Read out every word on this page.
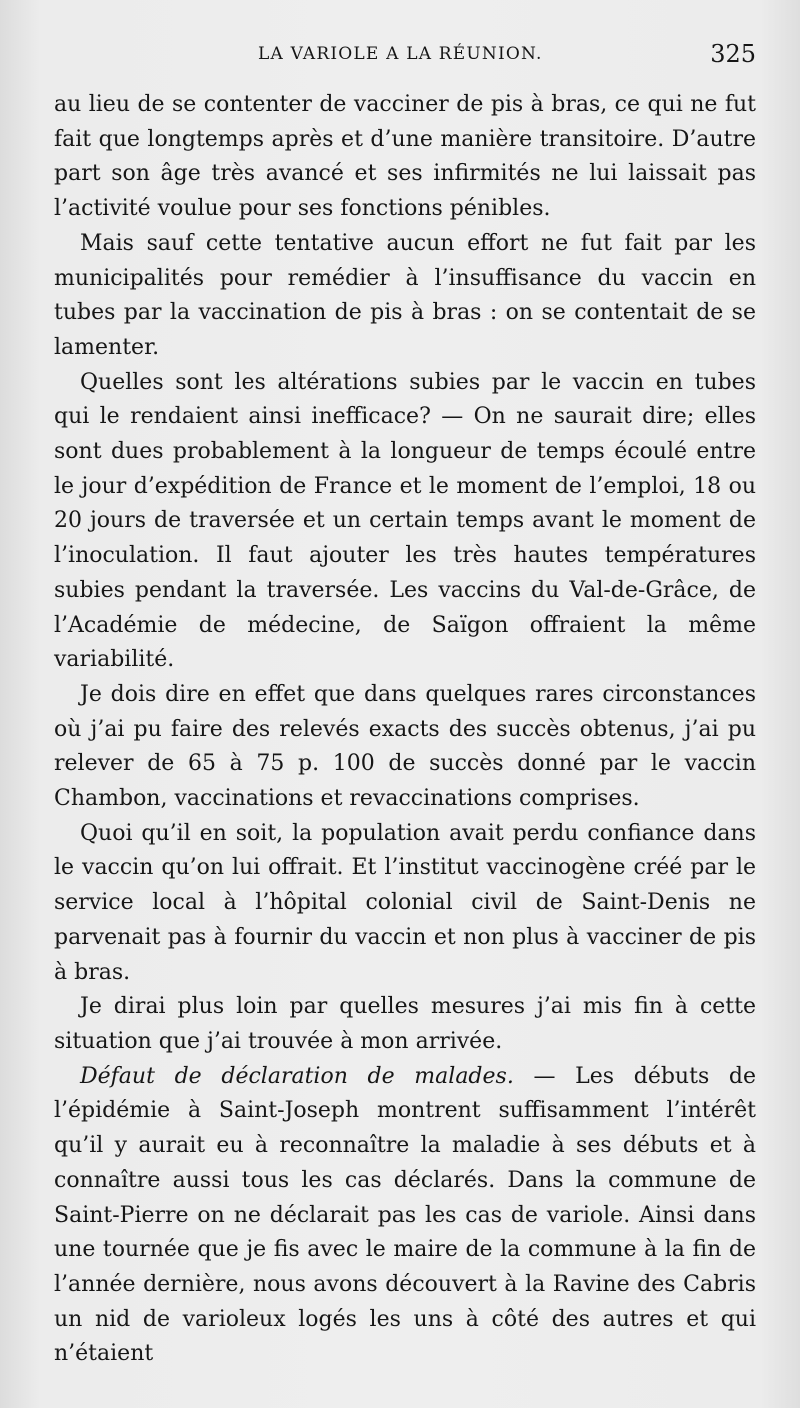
LA VARIOLE A LA RÉUNION.	325

au lieu de se contenter de vacciner de pis à bras, ce qui ne fut fait que longtemps après et d’une manière transitoire. D’autre part son âge très avancé et ses infirmités ne lui laissait pas l’activité voulue pour ses fonctions pénibles.

Mais sauf cette tentative aucun effort ne fut fait par les municipalités pour remédier à l’insuffisance du vaccin en tubes par la vaccination de pis à bras : on se contentait de se lamenter.

Quelles sont les altérations subies par le vaccin en tubes qui le rendaient ainsi inefficace? — On ne saurait dire; elles sont dues probablement à la longueur de temps écoulé entre le jour d’expédition de France et le moment de l’emploi, 18 ou 20 jours de traversée et un certain temps avant le moment de l’inoculation. Il faut ajouter les très hautes températures subies pendant la traversée. Les vaccins du Val-de-Grâce, de l’Académie de médecine, de Saïgon offraient la même variabilité.

Je dois dire en effet que dans quelques rares circonstances où j’ai pu faire des relevés exacts des succès obtenus, j’ai pu relever de 65 à 75 p. 100 de succès donné par le vaccin Chambon, vaccinations et revaccinations comprises.

Quoi qu’il en soit, la population avait perdu confiance dans le vaccin qu’on lui offrait. Et l’institut vaccinogène créé par le service local à l’hôpital colonial civil de Saint-Denis ne parvenait pas à fournir du vaccin et non plus à vacciner de pis à bras.

Je dirai plus loin par quelles mesures j’ai mis fin à cette situation que j’ai trouvée à mon arrivée.

Défaut de déclaration de malades. — Les débuts de l’épidémie à Saint-Joseph montrent suffisamment l’intérêt qu’il y aurait eu à reconnaître la maladie à ses débuts et à connaître aussi tous les cas déclarés. Dans la commune de Saint-Pierre on ne déclarait pas les cas de variole. Ainsi dans une tournée que je fis avec le maire de la commune à la fin de l’année dernière, nous avons découvert à la Ravine des Cabris un nid de varioleux logés les uns à côté des autres et qui n’étaient
